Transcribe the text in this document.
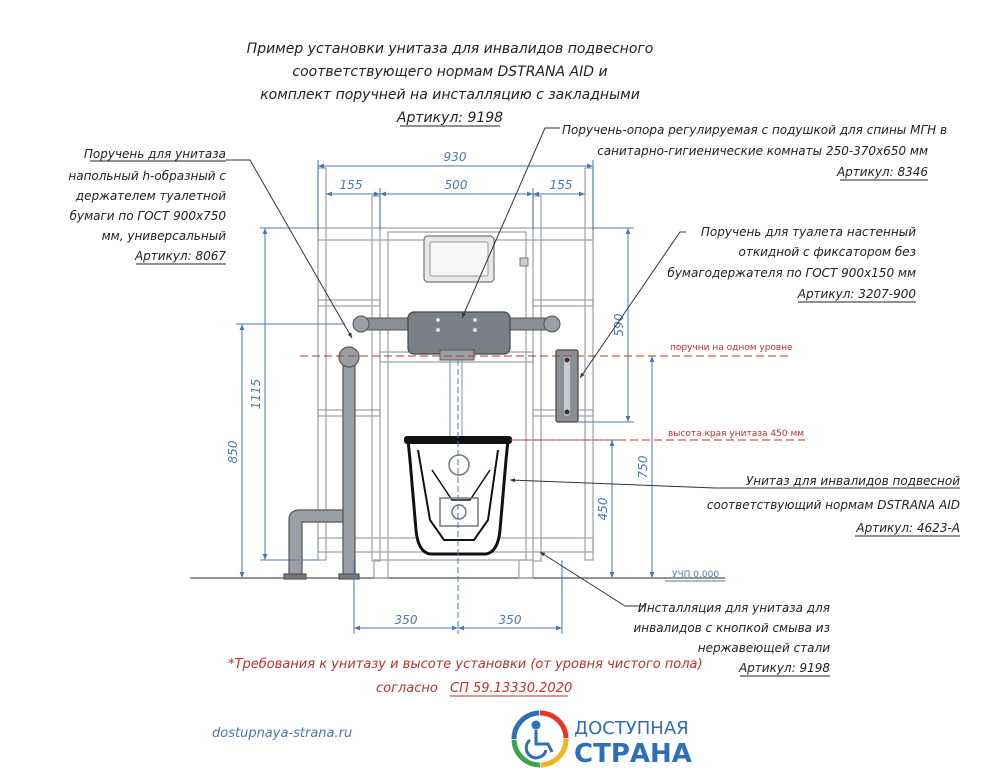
Пример установки унитаза для инвалидов подвесного
соответствующего нормам DSTRANA AID и
комплект поручней на инсталляцию с закладными
Артикул: 9198
930
155	500	155
1115
850
590
750
450
350	350
поручни на одном уровне
высота края унитаза 450 мм
УЧП 0.000
Поручень-опора регулируемая с подушкой для спины МГН в
санитарно-гигиенические комнаты 250-370х650 мм
Артикул: 8346
Поручень для унитаза
напольный h-образный с
держателем туалетной
бумаги по ГОСТ 900х750
мм, универсальный
Артикул: 8067
Поручень для туалета настенный
откидной с фиксатором без
бумагодержателя по ГОСТ 900х150 мм
Артикул: 3207-900
Унитаз для инвалидов подвесной
соответствующий нормам DSTRANA AID
Артикул: 4623-А
Инсталляция для унитаза для
инвалидов с кнопкой смыва из
нержавеющей стали
Артикул: 9198
*Требования к унитазу и высоте установки (от уровня чистого пола)
согласно СП 59.13330.2020
dostupnaya-strana.ru	ДОСТУПНАЯ
СТРАНА
